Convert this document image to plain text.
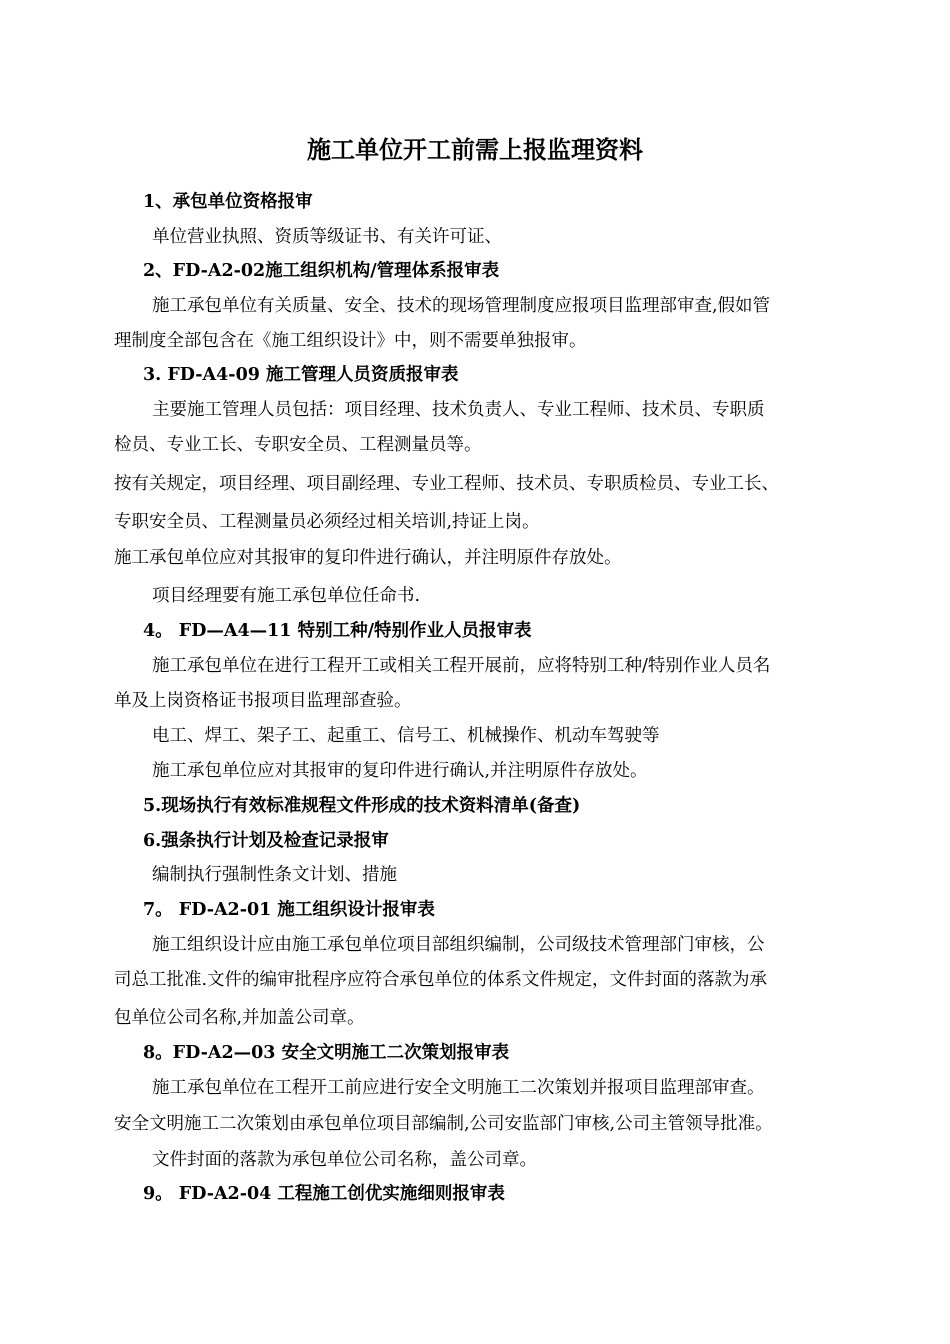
施工单位开工前需上报监理资料
1、承包单位资格报审
单位营业执照、资质等级证书、有关许可证、
2、FD-A2-02施工组织机构/管理体系报审表
施工承包单位有关质量、安全、技术的现场管理制度应报项目监理部审查,假如管
理制度全部包含在《施工组织设计》中，则不需要单独报审。
3. FD-A4-09 施工管理人员资质报审表
主要施工管理人员包括：项目经理、技术负责人、专业工程师、技术员、专职质
检员、专业工长、专职安全员、工程测量员等。
按有关规定，项目经理、项目副经理、专业工程师、技术员、专职质检员、专业工长、
专职安全员、工程测量员必须经过相关培训,持证上岗。
施工承包单位应对其报审的复印件进行确认，并注明原件存放处。
项目经理要有施工承包单位任命书.
4。 FD—A4—11 特别工种/特别作业人员报审表
施工承包单位在进行工程开工或相关工程开展前，应将特别工种/特别作业人员名
单及上岗资格证书报项目监理部查验。
电工、焊工、架子工、起重工、信号工、机械操作、机动车驾驶等
施工承包单位应对其报审的复印件进行确认,并注明原件存放处。
5.现场执行有效标准规程文件形成的技术资料清单(备查)
6.强条执行计划及检查记录报审
编制执行强制性条文计划、措施
7。 FD-A2-01 施工组织设计报审表
施工组织设计应由施工承包单位项目部组织编制，公司级技术管理部门审核，公
司总工批准.文件的编审批程序应符合承包单位的体系文件规定，文件封面的落款为承
包单位公司名称,并加盖公司章。
8。FD-A2—03 安全文明施工二次策划报审表
施工承包单位在工程开工前应进行安全文明施工二次策划并报项目监理部审查。
安全文明施工二次策划由承包单位项目部编制,公司安监部门审核,公司主管领导批准。
文件封面的落款为承包单位公司名称，盖公司章。
9。 FD-A2-04 工程施工创优实施细则报审表
